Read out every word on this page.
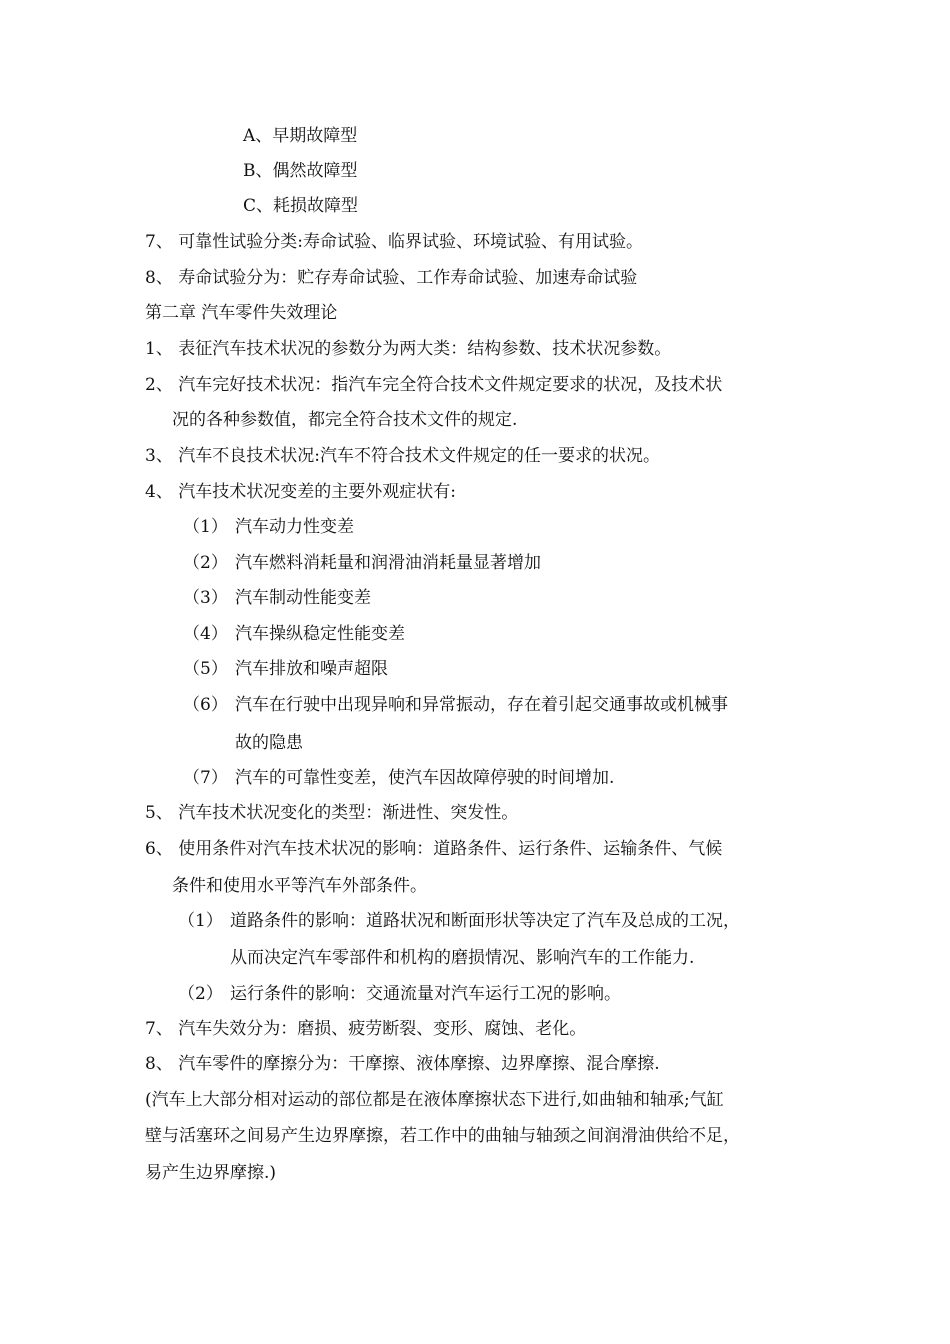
A、早期故障型
B、偶然故障型
C、耗损故障型
7、 可靠性试验分类:寿命试验、临界试验、环境试验、有用试验。
8、 寿命试验分为：贮存寿命试验、工作寿命试验、加速寿命试验
第二章 汽车零件失效理论
1、 表征汽车技术状况的参数分为两大类：结构参数、技术状况参数。
2、 汽车完好技术状况：指汽车完全符合技术文件规定要求的状况，及技术状
况的各种参数值，都完全符合技术文件的规定.
3、 汽车不良技术状况:汽车不符合技术文件规定的任一要求的状况。
4、 汽车技术状况变差的主要外观症状有:
（1） 汽车动力性变差
（2） 汽车燃料消耗量和润滑油消耗量显著增加
（3） 汽车制动性能变差
（4） 汽车操纵稳定性能变差
（5） 汽车排放和噪声超限
（6） 汽车在行驶中出现异响和异常振动，存在着引起交通事故或机械事
故的隐患
（7） 汽车的可靠性变差，使汽车因故障停驶的时间增加.
5、 汽车技术状况变化的类型：渐进性、突发性。
6、 使用条件对汽车技术状况的影响：道路条件、运行条件、运输条件、气候
条件和使用水平等汽车外部条件。
（1） 道路条件的影响：道路状况和断面形状等决定了汽车及总成的工况，
从而决定汽车零部件和机构的磨损情况、影响汽车的工作能力.
（2） 运行条件的影响：交通流量对汽车运行工况的影响。
7、 汽车失效分为：磨损、疲劳断裂、变形、腐蚀、老化。
8、 汽车零件的摩擦分为：干摩擦、液体摩擦、边界摩擦、混合摩擦.
(汽车上大部分相对运动的部位都是在液体摩擦状态下进行,如曲轴和轴承;气缸
壁与活塞环之间易产生边界摩擦，若工作中的曲轴与轴颈之间润滑油供给不足，
易产生边界摩擦.)
